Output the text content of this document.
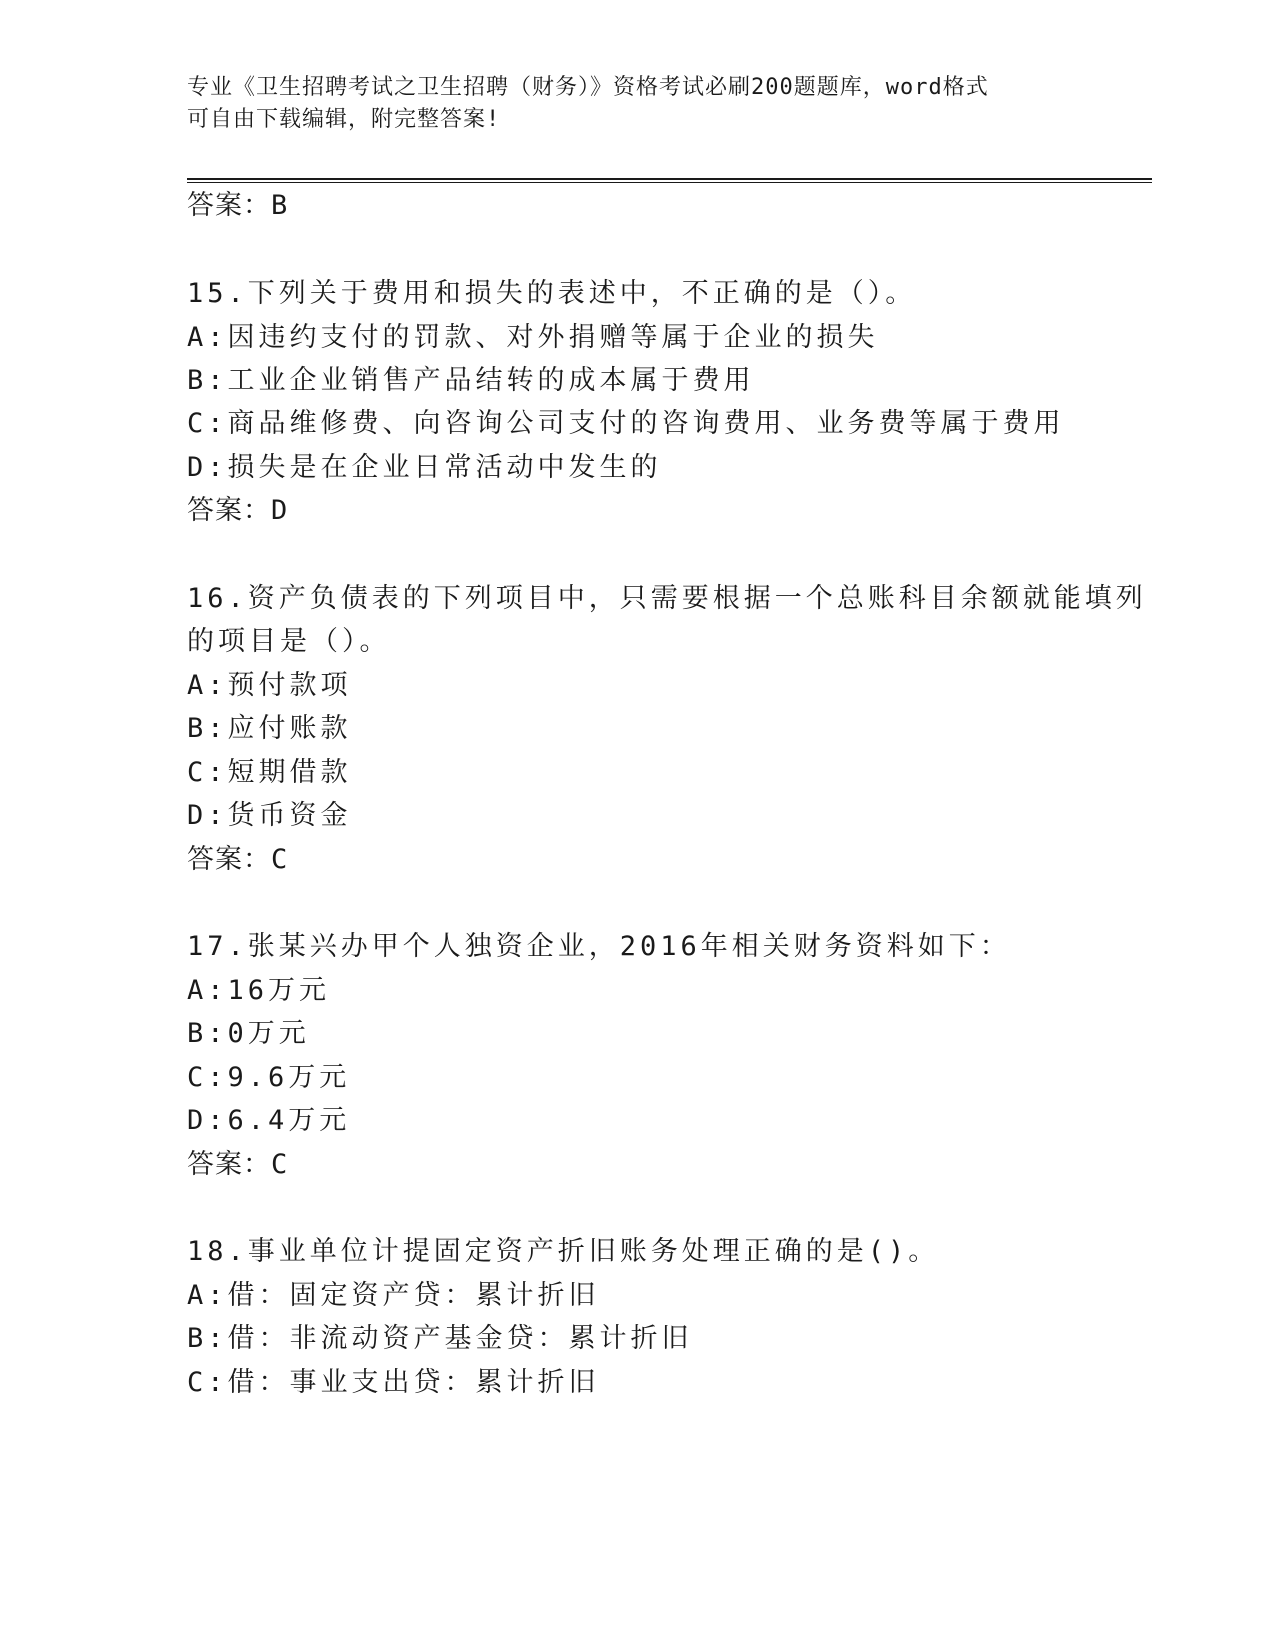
专业《卫生招聘考试之卫生招聘（财务）》资格考试必刷200题题库，word格式
可自由下载编辑，附完整答案!
答案：B
15.下列关于费用和损失的表述中，不正确的是（）。
A:因违约支付的罚款、对外捐赠等属于企业的损失
B:工业企业销售产品结转的成本属于费用
C:商品维修费、向咨询公司支付的咨询费用、业务费等属于费用
D:损失是在企业日常活动中发生的
答案：D
16.资产负债表的下列项目中，只需要根据一个总账科目余额就能填列
的项目是（）。
A:预付款项
B:应付账款
C:短期借款
D:货币资金
答案：C
17.张某兴办甲个人独资企业，2016年相关财务资料如下：
A:16万元
B:0万元
C:9.6万元
D:6.4万元
答案：C
18.事业单位计提固定资产折旧账务处理正确的是()。
A:借：固定资产贷：累计折旧
B:借：非流动资产基金贷：累计折旧
C:借：事业支出贷：累计折旧
